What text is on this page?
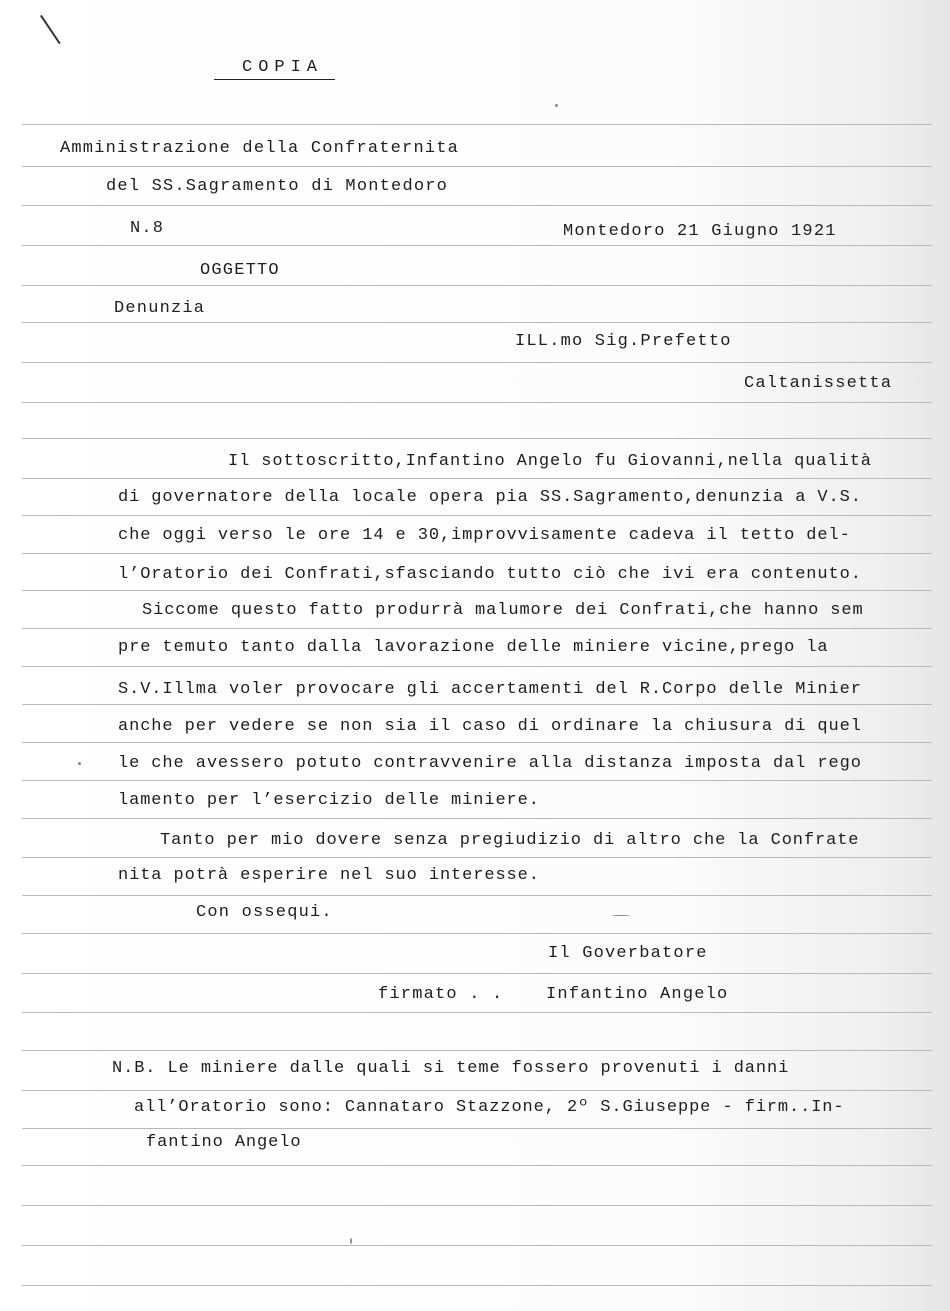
COPIA
Amministrazione della Confraternita
del SS.Sagramento di Montedoro
N.8	Montedoro 21 Giugno 1921
OGGETTO
Denunzia
ILL.mo Sig.Prefetto
Caltanissetta
Il sottoscritto,Infantino Angelo fu Giovanni,nella qualità
di governatore della locale opera pia SS.Sagramento,denunzia a V.S.
che oggi verso le ore 14 e 30,improvvisamente cadeva il tetto del-
l’Oratorio dei Confrati,sfasciando tutto ciò che ivi era contenuto.
Siccome questo fatto produrrà malumore dei Confrati,che hanno sem
pre temuto tanto dalla lavorazione delle miniere vicine,prego la
S.V.Illma voler provocare gli accertamenti del R.Corpo delle Minier
anche per vedere se non sia il caso di ordinare la chiusura di quel
le che avessero potuto contravvenire alla distanza imposta dal rego
lamento per l’esercizio delle miniere.
Tanto per mio dovere senza pregiudizio di altro che la Confrate
nita potrà esperire nel suo interesse.
Con ossequi.
Il Goverbatore
firmato . .	Infantino Angelo
N.B. Le miniere dalle quali si teme fossero provenuti i danni
all’Oratorio sono: Cannataro Stazzone, 2º S.Giuseppe - firm..In-
fantino Angelo
